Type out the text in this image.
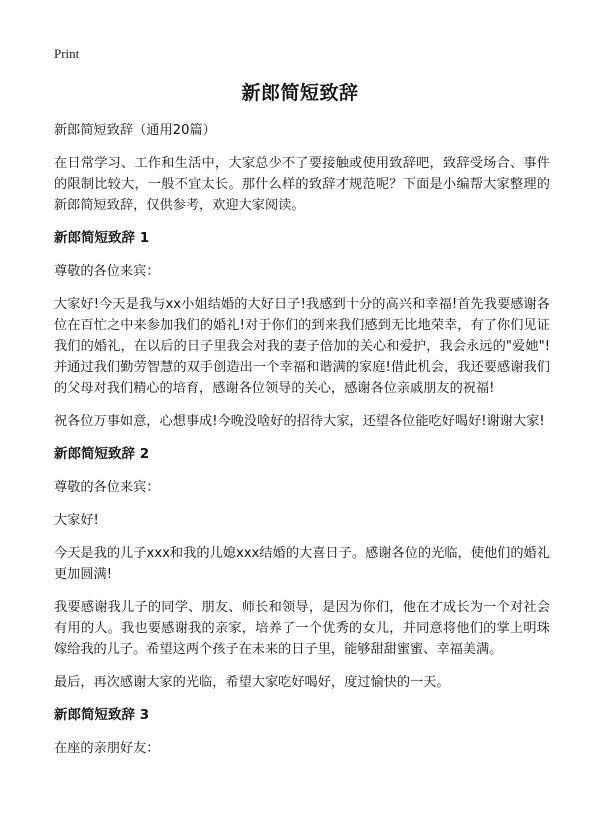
Print
新郎简短致辞

新郎简短致辞（通用20篇）

在日常学习、工作和生活中，大家总少不了要接触或使用致辞吧，致辞受场合、事件的限制比较大，一般不宜太长。那什么样的致辞才规范呢？下面是小编帮大家整理的新郎简短致辞，仅供参考，欢迎大家阅读。

新郎简短致辞 1

尊敬的各位来宾：

大家好!今天是我与xx小姐结婚的大好日子!我感到十分的高兴和幸福!首先我要感谢各位在百忙之中来参加我们的婚礼!对于你们的到来我们感到无比地荣幸，有了你们见证我们的婚礼，在以后的日子里我会对我的妻子倍加的关心和爱护，我会永远的"爱她"!并通过我们勤劳智慧的双手创造出一个幸福和谐满的家庭!借此机会，我还要感谢我们的父母对我们精心的培育，感谢各位领导的关心，感谢各位亲戚朋友的祝福!

祝各位万事如意，心想事成!今晚没啥好的招待大家，还望各位能吃好喝好!谢谢大家!

新郎简短致辞 2

尊敬的各位来宾：

大家好!

今天是我的儿子xxx和我的儿媳xxx结婚的大喜日子。感谢各位的光临，使他们的婚礼更加圆满!

我要感谢我儿子的同学、朋友、师长和领导，是因为你们，他在才成长为一个对社会有用的人。我也要感谢我的亲家，培养了一个优秀的女儿，并同意将他们的掌上明珠嫁给我的儿子。希望这两个孩子在未来的日子里，能够甜甜蜜蜜、幸福美满。

最后，再次感谢大家的光临，希望大家吃好喝好，度过愉快的一天。

新郎简短致辞 3

在座的亲朋好友：
